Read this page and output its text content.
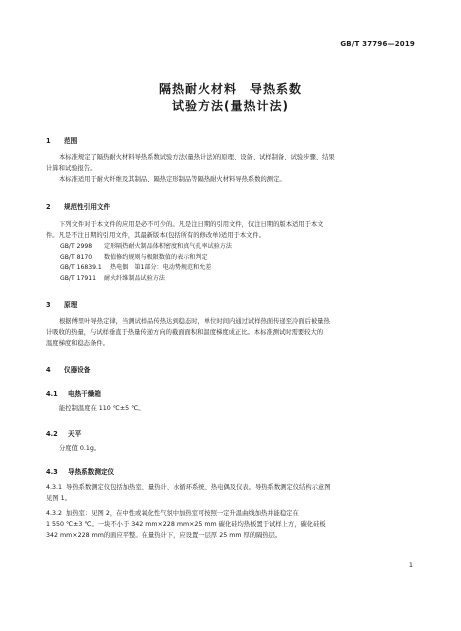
GB/T 37796—2019
隔热耐火材料　导热系数
试验方法(量热计法)
1 范围
本标准规定了隔热耐火材料导热系数试验方法(量热计法)的原理、设备、试样制备、试验步骤、结果
计算和试验报告。
本标准适用于耐火纤维及其制品、隔热定形制品等隔热耐火材料导热系数的测定。
2 规范性引用文件
下列文件对于本文件的应用是必不可少的。凡是注日期的引用文件，仅注日期的版本适用于本文
件。凡是不注日期的引用文件，其最新版本(包括所有的修改单)适用于本文件。
GB/T 2998 定形隔热耐火制品体积密度和真气孔率试验方法
GB/T 8170 数值修约规则与极限数值的表示和判定
GB/T 16839.1 热电偶　第1部分：电动势规范和允差
GB/T 17911 耐火纤维制品试验方法
3 原理
根据傅里叶导热定律，当测试样品传热达到稳态时，单位时间内通过试样热面传递至冷面后被量热
计吸收的热量，与试样垂直于热量传递方向的截面面积和温度梯度成正比。本标准测试时需要较大的
温度梯度和稳态条件。
4 仪器设备
4.1 电热干燥箱
能控制温度在 110 ℃±5 ℃。
4.2 天平
分度值 0.1g。
4.3 导热系数测定仪
4.3.1 导热系数测定仪包括加热室、量热计、水循环系统、热电偶及仪表。导热系数测定仪结构示意图
见图 1。
4.3.2 加热室：见图 2，在中性或氧化性气氛中加热室可按照一定升温曲线加热并能稳定在
1 550 ℃±3 ℃。一块不小于 342 mm×228 mm×25 mm 碳化硅均热板置于试样上方，碳化硅板
342 mm×228 mm的面应平整。在量热计下，应设置一层厚 25 mm 厚的隔热层。
1
